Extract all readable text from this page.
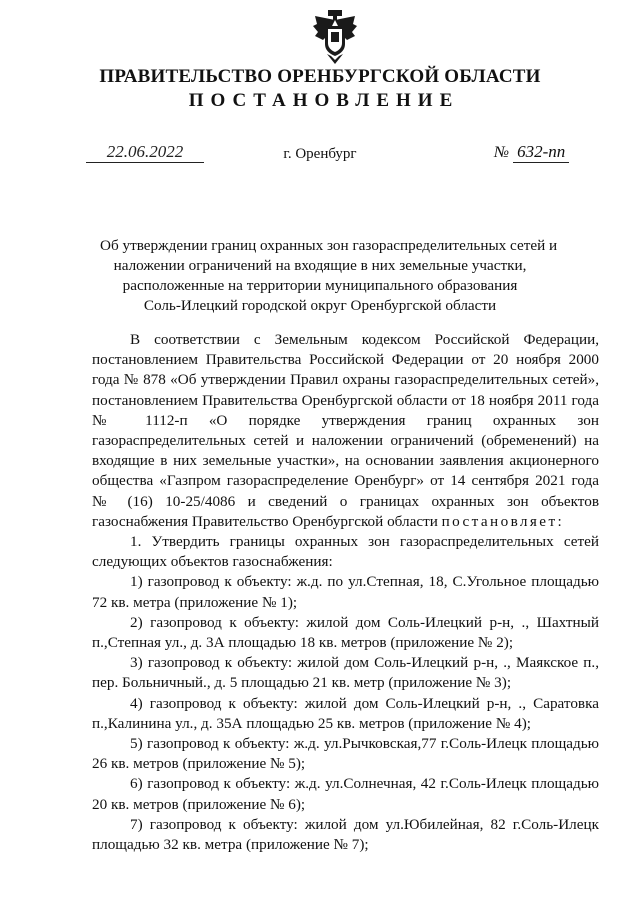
ПРАВИТЕЛЬСТВО ОРЕНБУРГСКОЙ ОБЛАСТИ
ПОСТАНОВЛЕНИЕ
22.06.2022	г. Оренбург	№ 632-пп
Об утверждении границ охранных зон газораспределительных сетей и
наложении ограничений на входящие в них земельные участки,
расположенные на территории муниципального образования
Соль-Илецкий городской округ Оренбургской области

В соответствии с Земельным кодексом Российской Федерации, постановлением Правительства Российской Федерации от 20 ноября 2000 года № 878 «Об утверждении Правил охраны газораспределительных сетей», постановлением Правительства Оренбургской области от 18 ноября 2011 года № 1112-п «О порядке утверждения границ охранных зон газораспределительных сетей и наложении ограничений (обременений) на входящие в них земельные участки», на основании заявления акционерного общества «Газпром газораспределение Оренбург» от 14 сентября 2021 года № (16) 10-25/4086 и сведений о границах охранных зон объектов газоснабжения Правительство Оренбургской области постановляет:

1. Утвердить границы охранных зон газораспределительных сетей следующих объектов газоснабжения:

1) газопровод к объекту: ж.д. по ул.Степная, 18, С.Угольное площадью 72 кв. метра (приложение № 1);

2) газопровод к объекту: жилой дом Соль-Илецкий р-н, ., Шахтный п.,Степная ул., д. 3А площадью 18 кв. метров (приложение № 2);

3) газопровод к объекту: жилой дом Соль-Илецкий р-н, ., Маякское п., пер. Больничный., д. 5 площадью 21 кв. метр (приложение № 3);

4) газопровод к объекту: жилой дом Соль-Илецкий р-н, ., Саратовка п.,Калинина ул., д. 35А площадью 25 кв. метров (приложение № 4);

5) газопровод к объекту: ж.д. ул.Рычковская,77 г.Соль-Илецк площадью 26 кв. метров (приложение № 5);

6) газопровод к объекту: ж.д. ул.Солнечная, 42 г.Соль-Илецк площадью 20 кв. метров (приложение № 6);

7) газопровод к объекту: жилой дом ул.Юбилейная, 82 г.Соль-Илецк площадью 32 кв. метра (приложение № 7);
